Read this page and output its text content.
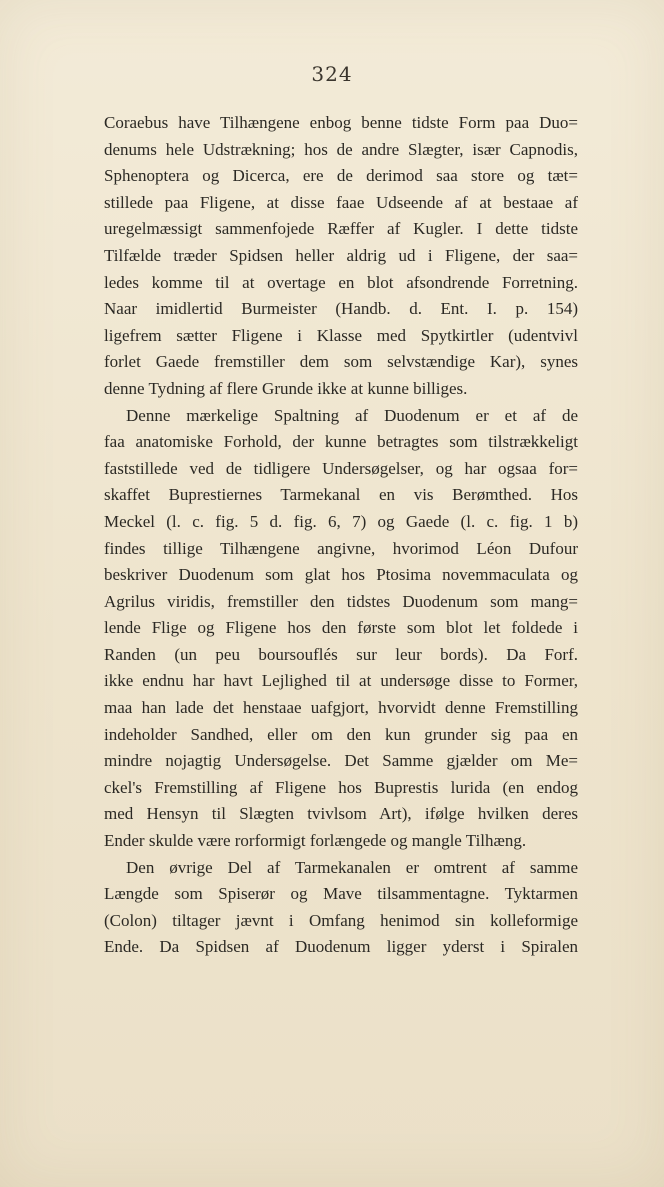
324
Coraebus have Tilhængene enbog benne tidste Form paa Duo=
denums hele Udstrækning; hos de andre Slægter, især Capnodis,
Sphenoptera og Dicerca, ere de derimod saa store og tæt=
stillede paa Fligene, at disse faae Udseende af at bestaae af
uregelmæssigt sammenfojede Ræffer af Kugler. I dette tidste
Tilfælde træder Spidsen heller aldrig ud i Fligene, der saa=
ledes komme til at overtage en blot afsondrende Forretning.
Naar imidlertid Burmeister (Handb. d. Ent. I. p. 154)
ligefrem sætter Fligene i Klasse med Spytkirtler (udentvivl
forlet Gaede fremstiller dem som selvstændige Kar), synes
denne Tydning af flere Grunde ikke at kunne billiges.
Denne mærkelige Spaltning af Duodenum er et af de
faa anatomiske Forhold, der kunne betragtes som tilstrækkeligt
faststillede ved de tidligere Undersøgelser, og har ogsaa for=
skaffet Buprestiernes Tarmekanal en vis Berømthed. Hos
Meckel (l. c. fig. 5 d. fig. 6, 7) og Gaede (l. c. fig. 1 b)
findes tillige Tilhængene angivne, hvorimod Léon Dufour
beskriver Duodenum som glat hos Ptosima novemmaculata og
Agrilus viridis, fremstiller den tidstes Duodenum som mang=
lende Flige og Fligene hos den første som blot let foldede i
Randen (un peu boursouflés sur leur bords). Da Forf.
ikke endnu har havt Lejlighed til at undersøge disse to Former,
maa han lade det henstaae uafgjort, hvorvidt denne Fremstilling
indeholder Sandhed, eller om den kun grunder sig paa en
mindre nojagtig Undersøgelse. Det Samme gjælder om Me=
ckel's Fremstilling af Fligene hos Buprestis lurida (en endog
med Hensyn til Slægten tvivlsom Art), ifølge hvilken deres
Ender skulde være rorformigt forlængede og mangle Tilhæng.
Den øvrige Del af Tarmekanalen er omtrent af samme
Længde som Spiserør og Mave tilsammentagne. Tyktarmen
(Colon) tiltager jævnt i Omfang henimod sin kolleformige
Ende. Da Spidsen af Duodenum ligger yderst i Spiralen
